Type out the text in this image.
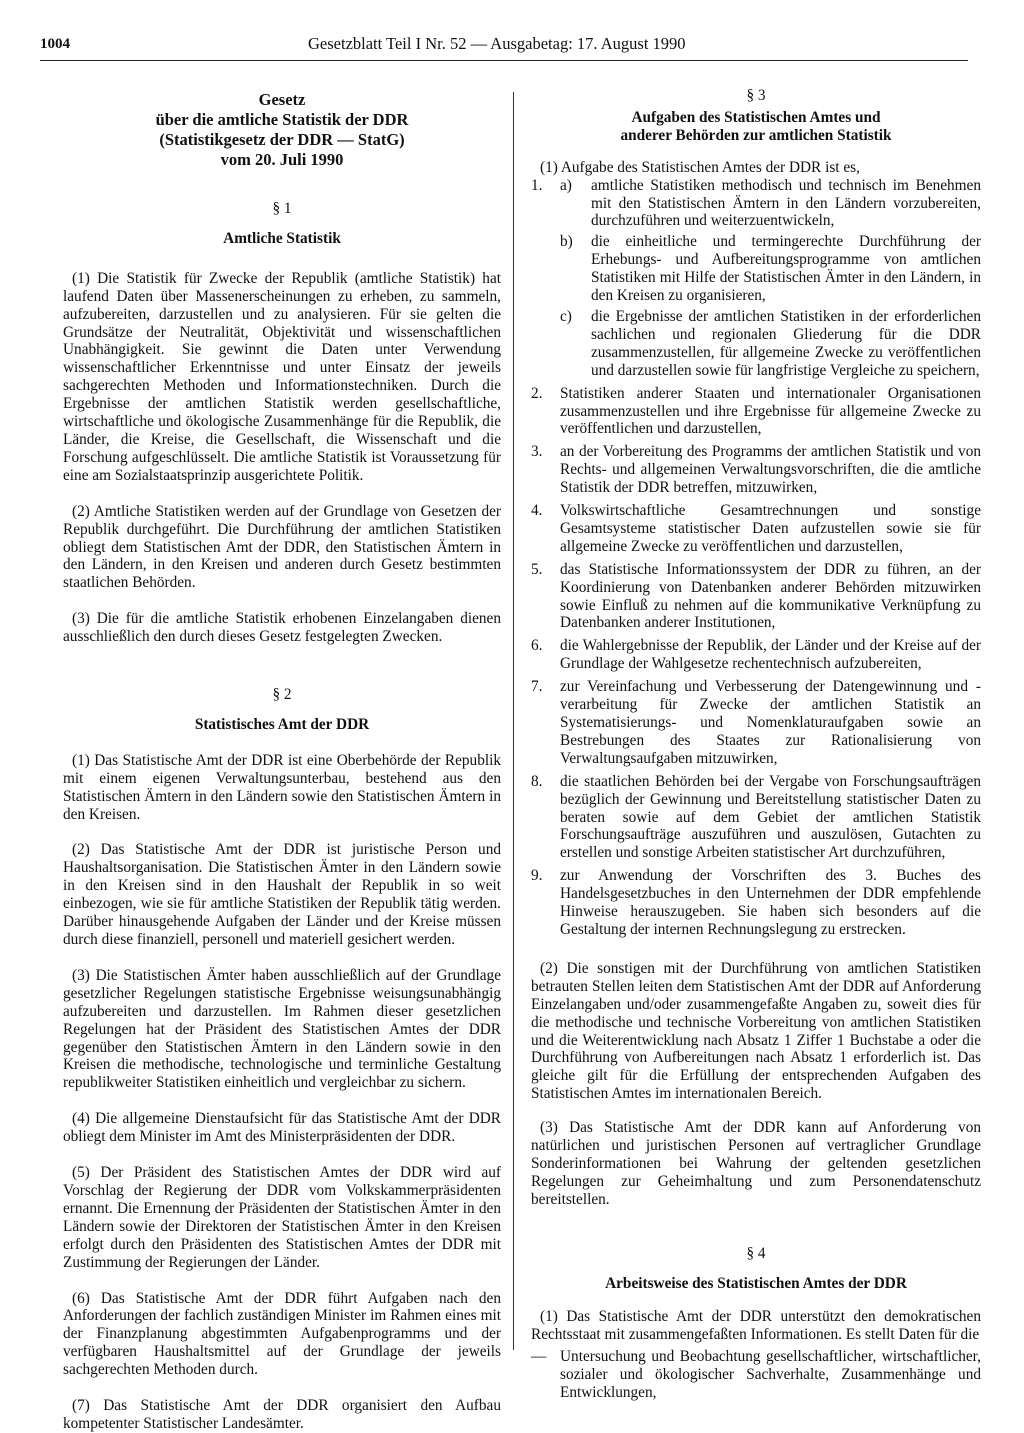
1004	Gesetzblatt Teil I Nr. 52 — Ausgabetag: 17. August 1990

Gesetz

über die amtliche Statistik der DDR

(Statistikgesetz der DDR — StatG)

vom 20. Juli 1990

§ 1

Amtliche Statistik

(1) Die Statistik für Zwecke der Republik (amtliche Statistik) hat laufend Daten über Massenerscheinungen zu erheben, zu sammeln, aufzubereiten, darzustellen und zu analysieren. Für sie gelten die Grundsätze der Neutralität, Objektivität und wissenschaftlichen Unabhängigkeit. Sie gewinnt die Daten unter Verwendung wissenschaftlicher Erkenntnisse und unter Einsatz der jeweils sachgerechten Methoden und Informationstechniken. Durch die Ergebnisse der amtlichen Statistik werden gesellschaftliche, wirtschaftliche und ökologische Zusammenhänge für die Republik, die Länder, die Kreise, die Gesellschaft, die Wissenschaft und die Forschung aufgeschlüsselt. Die amtliche Statistik ist Voraussetzung für eine am Sozialstaatsprinzip ausgerichtete Politik.

(2) Amtliche Statistiken werden auf der Grundlage von Gesetzen der Republik durchgeführt. Die Durchführung der amtlichen Statistiken obliegt dem Statistischen Amt der DDR, den Statistischen Ämtern in den Ländern, in den Kreisen und anderen durch Gesetz bestimmten staatlichen Behörden.

(3) Die für die amtliche Statistik erhobenen Einzelangaben dienen ausschließlich den durch dieses Gesetz festgelegten Zwecken.

§ 2

Statistisches Amt der DDR

(1) Das Statistische Amt der DDR ist eine Oberbehörde der Republik mit einem eigenen Verwaltungsunterbau, bestehend aus den Statistischen Ämtern in den Ländern sowie den Statistischen Ämtern in den Kreisen.

(2) Das Statistische Amt der DDR ist juristische Person und Haushaltsorganisation. Die Statistischen Ämter in den Ländern sowie in den Kreisen sind in den Haushalt der Republik in so weit einbezogen, wie sie für amtliche Statistiken der Republik tätig werden. Darüber hinausgehende Aufgaben der Länder und der Kreise müssen durch diese finanziell, personell und materiell gesichert werden.

(3) Die Statistischen Ämter haben ausschließlich auf der Grundlage gesetzlicher Regelungen statistische Ergebnisse weisungsunabhängig aufzubereiten und darzustellen. Im Rahmen dieser gesetzlichen Regelungen hat der Präsident des Statistischen Amtes der DDR gegenüber den Statistischen Ämtern in den Ländern sowie in den Kreisen die methodische, technologische und terminliche Gestaltung republikweiter Statistiken einheitlich und vergleichbar zu sichern.

(4) Die allgemeine Dienstaufsicht für das Statistische Amt der DDR obliegt dem Minister im Amt des Ministerpräsidenten der DDR.

(5) Der Präsident des Statistischen Amtes der DDR wird auf Vorschlag der Regierung der DDR vom Volkskammerpräsidenten ernannt. Die Ernennung der Präsidenten der Statistischen Ämter in den Ländern sowie der Direktoren der Statistischen Ämter in den Kreisen erfolgt durch den Präsidenten des Statistischen Amtes der DDR mit Zustimmung der Regierungen der Länder.

(6) Das Statistische Amt der DDR führt Aufgaben nach den Anforderungen der fachlich zuständigen Minister im Rahmen eines mit der Finanzplanung abgestimmten Aufgabenprogramms und der verfügbaren Haushaltsmittel auf der Grundlage der jeweils sachgerechten Methoden durch.

(7) Das Statistische Amt der DDR organisiert den Aufbau kompetenter Statistischer Landesämter.

§ 3

Aufgaben des Statistischen Amtes und

anderer Behörden zur amtlichen Statistik

(1) Aufgabe des Statistischen Amtes der DDR ist es,

1.	a)	amtliche Statistiken methodisch und technisch im Benehmen mit den Statistischen Ämtern in den Ländern vorzubereiten, durchzuführen und weiterzuentwickeln,
b)	die einheitliche und termingerechte Durchführung der Erhebungs- und Aufbereitungsprogramme von amtlichen Statistiken mit Hilfe der Statistischen Ämter in den Ländern, in den Kreisen zu organisieren,
c)	die Ergebnisse der amtlichen Statistiken in der erforderlichen sachlichen und regionalen Gliederung für die DDR zusammenzustellen, für allgemeine Zwecke zu veröffentlichen und darzustellen sowie für langfristige Vergleiche zu speichern,
2.	Statistiken anderer Staaten und internationaler Organisationen zusammenzustellen und ihre Ergebnisse für allgemeine Zwecke zu veröffentlichen und darzustellen,
3.	an der Vorbereitung des Programms der amtlichen Statistik und von Rechts- und allgemeinen Verwaltungsvorschriften, die die amtliche Statistik der DDR betreffen, mitzuwirken,
4.	Volkswirtschaftliche Gesamtrechnungen und sonstige Gesamtsysteme statistischer Daten aufzustellen sowie sie für allgemeine Zwecke zu veröffentlichen und darzustellen,
5.	das Statistische Informationssystem der DDR zu führen, an der Koordinierung von Datenbanken anderer Behörden mitzuwirken sowie Einfluß zu nehmen auf die kommunikative Verknüpfung zu Datenbanken anderer Institutionen,
6.	die Wahlergebnisse der Republik, der Länder und der Kreise auf der Grundlage der Wahlgesetze rechentechnisch aufzubereiten,
7.	zur Vereinfachung und Verbesserung der Datengewinnung und -verarbeitung für Zwecke der amtlichen Statistik an Systematisierungs- und Nomenklaturaufgaben sowie an Bestrebungen des Staates zur Rationalisierung von Verwaltungsaufgaben mitzuwirken,
8.	die staatlichen Behörden bei der Vergabe von Forschungsaufträgen bezüglich der Gewinnung und Bereitstellung statistischer Daten zu beraten sowie auf dem Gebiet der amtlichen Statistik Forschungsaufträge auszuführen und auszulösen, Gutachten zu erstellen und sonstige Arbeiten statistischer Art durchzuführen,
9.	zur Anwendung der Vorschriften des 3. Buches des Handelsgesetzbuches in den Unternehmen der DDR empfehlende Hinweise herauszugeben. Sie haben sich besonders auf die Gestaltung der internen Rechnungslegung zu erstrecken.

(2) Die sonstigen mit der Durchführung von amtlichen Statistiken betrauten Stellen leiten dem Statistischen Amt der DDR auf Anforderung Einzelangaben und/oder zusammengefaßte Angaben zu, soweit dies für die methodische und technische Vorbereitung von amtlichen Statistiken und die Weiterentwicklung nach Absatz 1 Ziffer 1 Buchstabe a oder die Durchführung von Aufbereitungen nach Absatz 1 erforderlich ist. Das gleiche gilt für die Erfüllung der entsprechenden Aufgaben des Statistischen Amtes im internationalen Bereich.

(3) Das Statistische Amt der DDR kann auf Anforderung von natürlichen und juristischen Personen auf vertraglicher Grundlage Sonderinformationen bei Wahrung der geltenden gesetzlichen Regelungen zur Geheimhaltung und zum Personendatenschutz bereitstellen.

§ 4

Arbeitsweise des Statistischen Amtes der DDR

(1) Das Statistische Amt der DDR unterstützt den demokratischen Rechtsstaat mit zusammengefaßten Informationen. Es stellt Daten für die

— Untersuchung und Beobachtung gesellschaftlicher, wirtschaftlicher, sozialer und ökologischer Sachverhalte, Zusammenhänge und Entwicklungen,
